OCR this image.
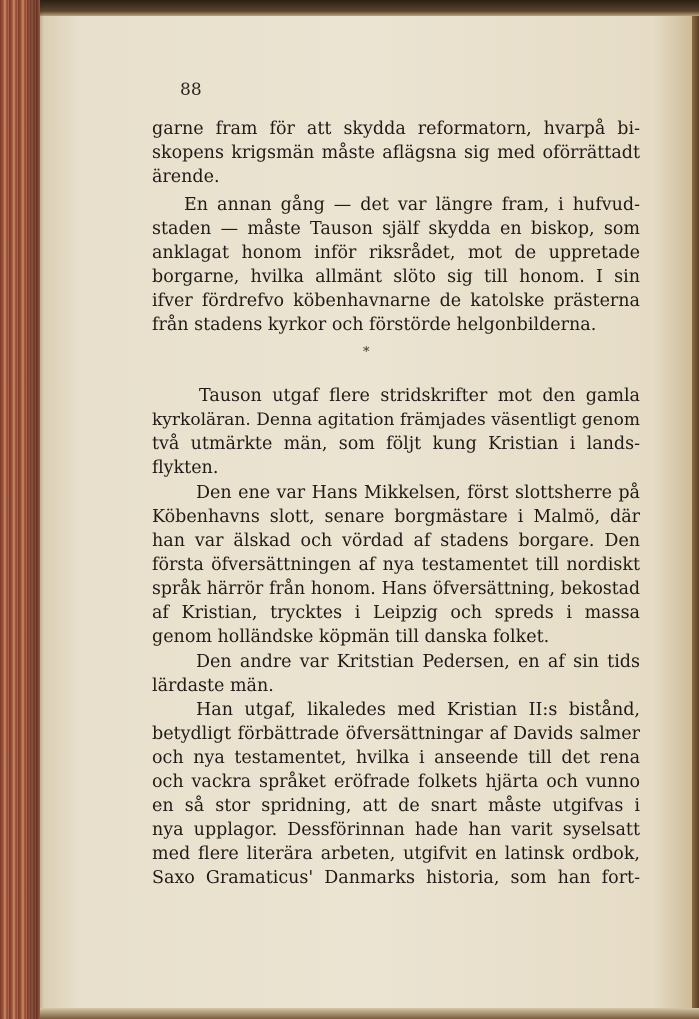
88
garne fram för att skydda reformatorn, hvarpå bi-
skopens krigsmän måste aflägsna sig med oförrättadt
ärende.
En annan gång — det var längre fram, i hufvud-
staden — måste Tauson själf skydda en biskop, som
anklagat honom inför riksrådet, mot de uppretade
borgarne, hvilka allmänt slöto sig till honom. I sin
ifver fördrefvo köbenhavnarne de katolske prästerna
från stadens kyrkor och förstörde helgonbilderna.
*
Tauson utgaf flere stridskrifter mot den gamla
kyrkoläran. Denna agitation främjades väsentligt genom
två utmärkte män, som följt kung Kristian i lands-
flykten.
Den ene var Hans Mikkelsen, först slottsherre på
Köbenhavns slott, senare borgmästare i Malmö, där
han var älskad och vördad af stadens borgare. Den
första öfversättningen af nya testamentet till nordiskt
språk härrör från honom. Hans öfversättning, bekostad
af Kristian, trycktes i Leipzig och spreds i massa
genom holländske köpmän till danska folket.
Den andre var Kritstian Pedersen, en af sin tids
lärdaste män.
Han utgaf, likaledes med Kristian II:s bistånd,
betydligt förbättrade öfversättningar af Davids salmer
och nya testamentet, hvilka i anseende till det rena
och vackra språket eröfrade folkets hjärta och vunno
en så stor spridning, att de snart måste utgifvas i
nya upplagor. Dessförinnan hade han varit syselsatt
med flere literära arbeten, utgifvit en latinsk ordbok,
Saxo Gramaticus' Danmarks historia, som han fort-
